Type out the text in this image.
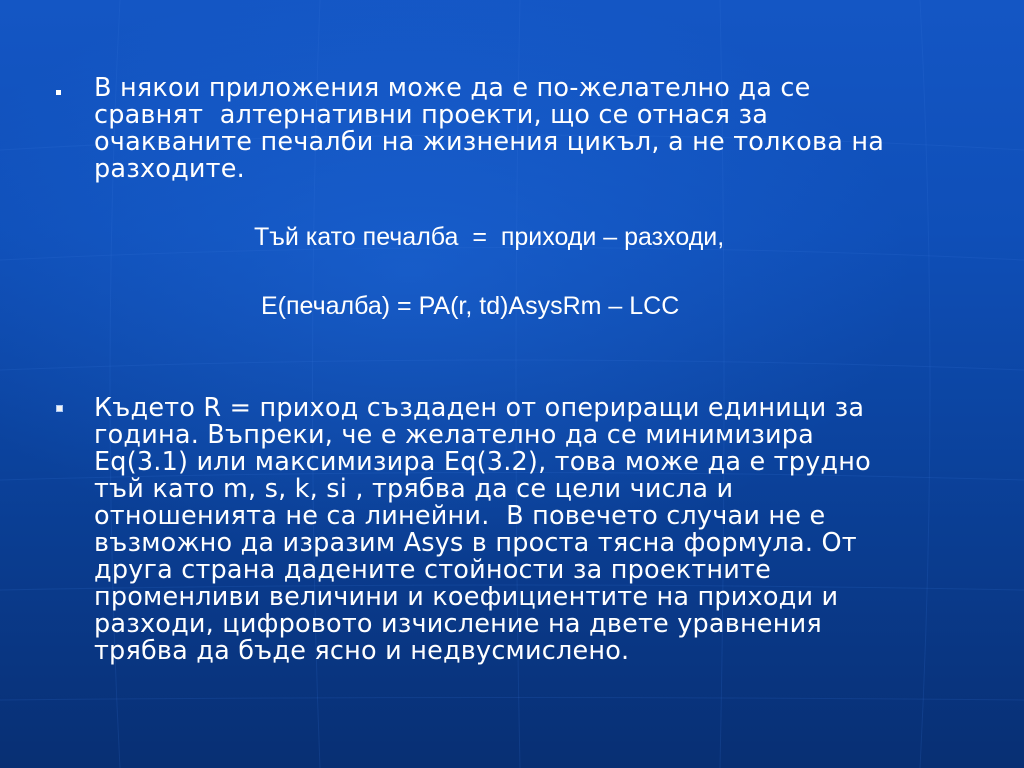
В някои приложения може да е по-желателно да се
сравнят  алтернативни проекти, що се отнася за
очакваните печалби на жизнения цикъл, а не толкова на
разходите.

Тъй като печалба  =  приходи – разходи,
E(печалба) = PA(r, td)AsysRm – LCC

Където R = приход създаден от опериращи единици за
година. Въпреки, че е желателно да се минимизира
Eq(3.1) или максимизира Eq(3.2), това може да е трудно
тъй като m, s, k, si , трябва да се цели числа и
отношенията не са линейни.  В повечето случаи не е
възможно да изразим Asys в проста тясна формула. От
друга страна дадените стойности за проектните
променливи величини и коефициентите на приходи и
разходи, цифровото изчисление на двете уравнения
трябва да бъде ясно и недвусмислено.
